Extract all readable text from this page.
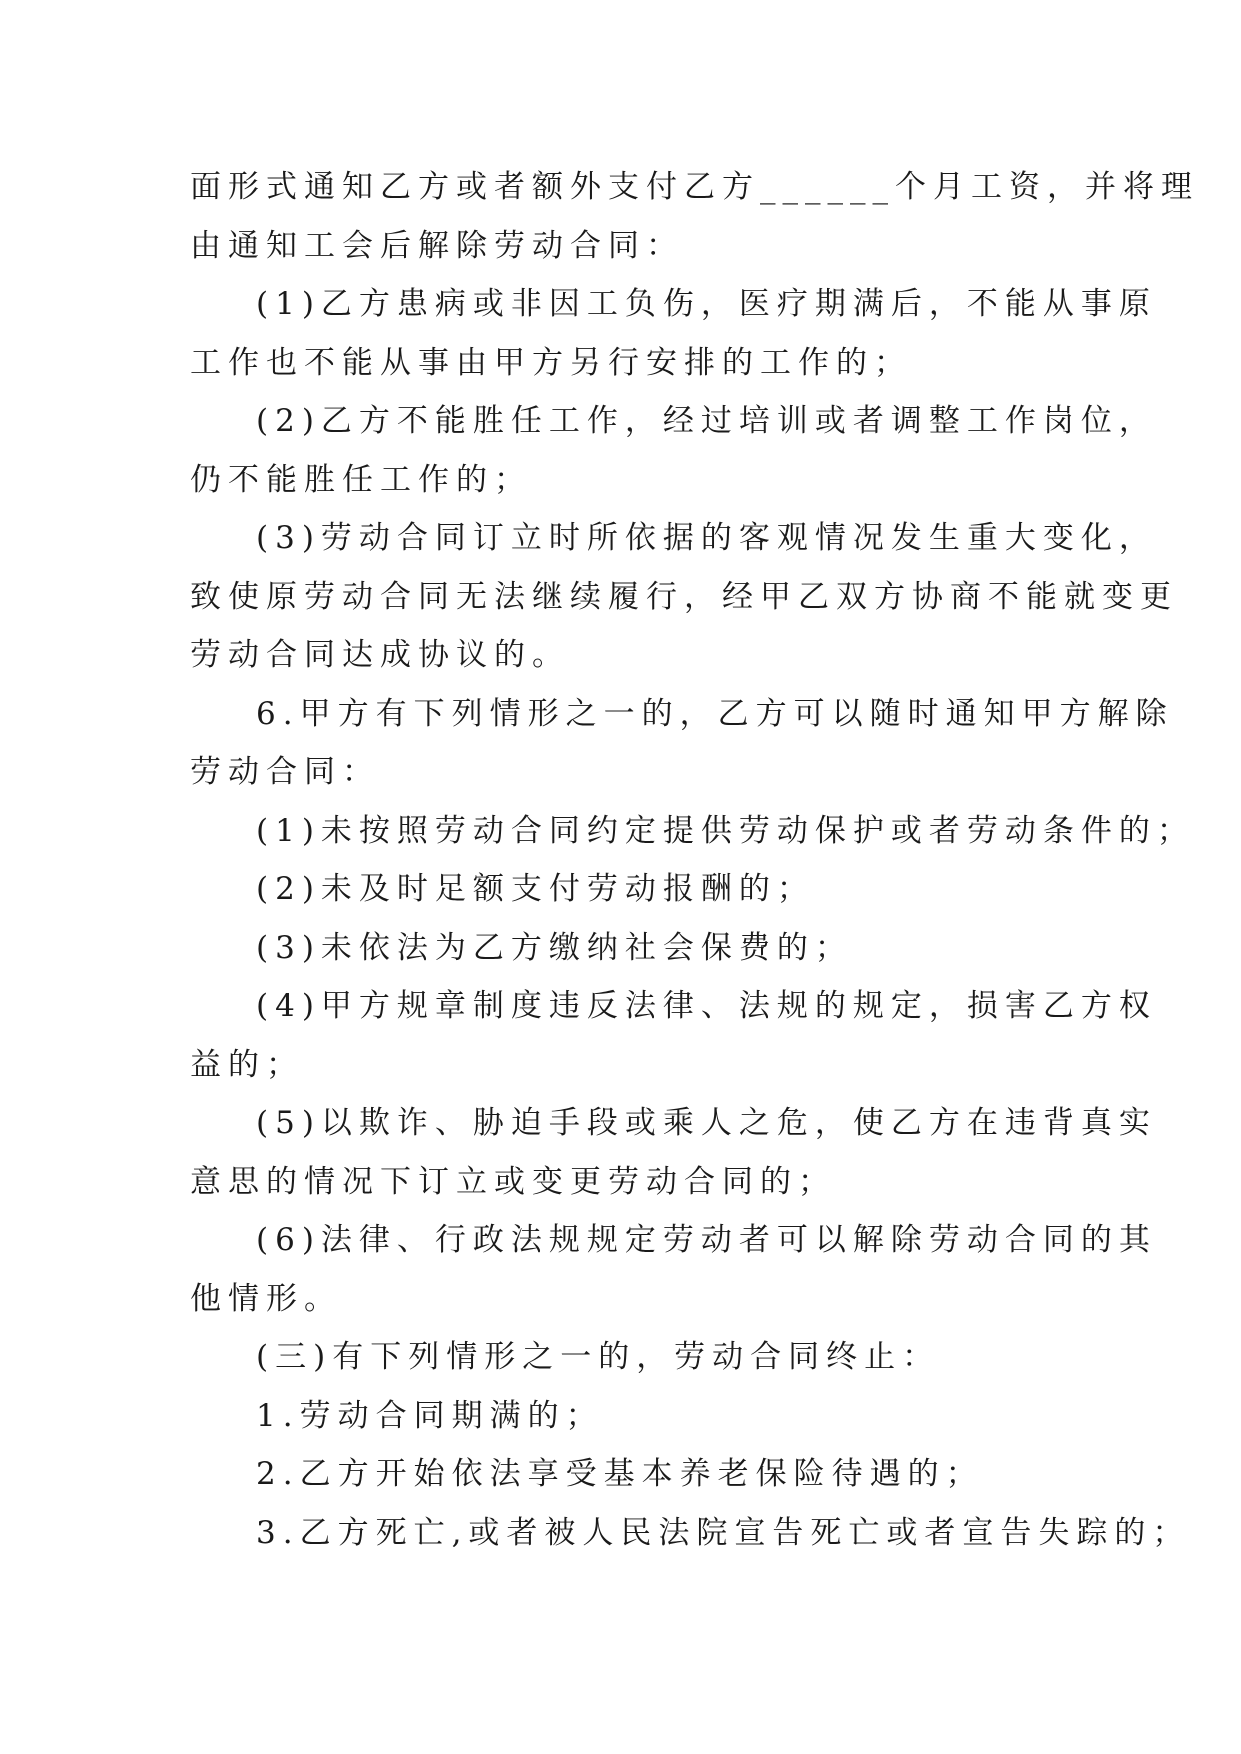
面形式通知乙方或者额外支付乙方______个月工资，并将理
由通知工会后解除劳动合同：
(1)乙方患病或非因工负伤，医疗期满后，不能从事原
工作也不能从事由甲方另行安排的工作的；
(2)乙方不能胜任工作，经过培训或者调整工作岗位，
仍不能胜任工作的；
(3)劳动合同订立时所依据的客观情况发生重大变化，
致使原劳动合同无法继续履行，经甲乙双方协商不能就变更
劳动合同达成协议的。
6.甲方有下列情形之一的，乙方可以随时通知甲方解除
劳动合同：
(1)未按照劳动合同约定提供劳动保护或者劳动条件的；
(2)未及时足额支付劳动报酬的；
(3)未依法为乙方缴纳社会保费的；
(4)甲方规章制度违反法律、法规的规定，损害乙方权
益的；
(5)以欺诈、胁迫手段或乘人之危，使乙方在违背真实
意思的情况下订立或变更劳动合同的；
(6)法律、行政法规规定劳动者可以解除劳动合同的其
他情形。
(三)有下列情形之一的，劳动合同终止：
1.劳动合同期满的；
2.乙方开始依法享受基本养老保险待遇的；
3.乙方死亡,或者被人民法院宣告死亡或者宣告失踪的；
